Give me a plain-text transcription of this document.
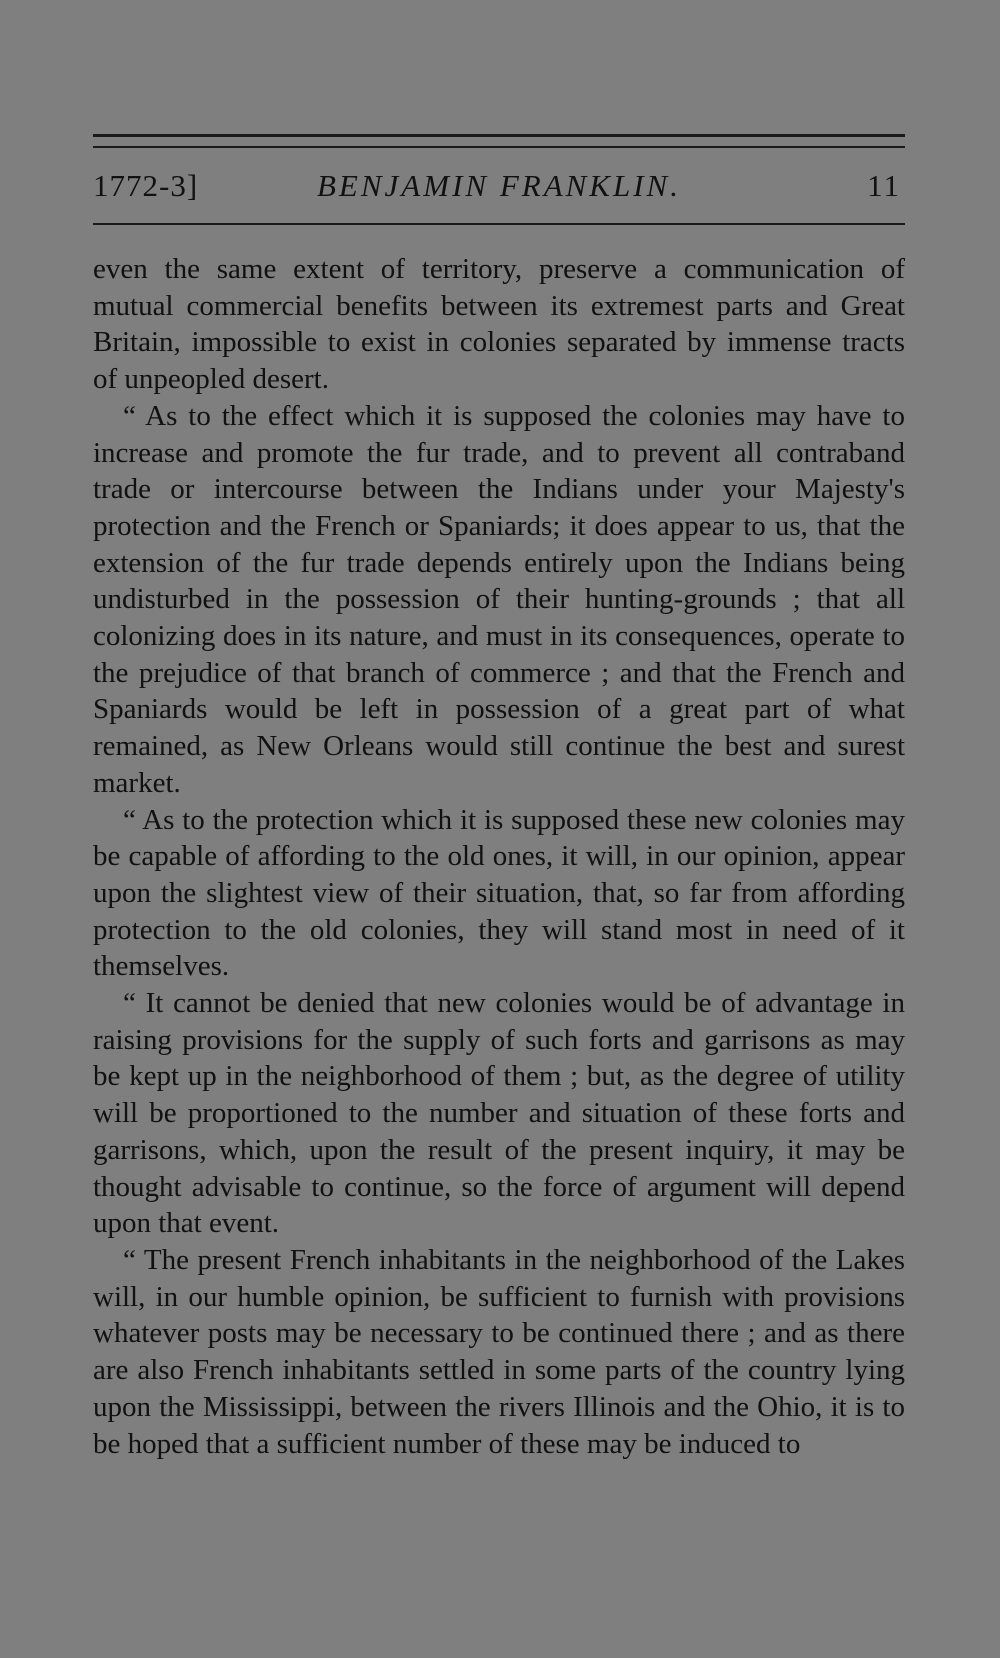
1772-3]	BENJAMIN FRANKLIN.	11

even the same extent of territory, preserve a communication of mutual commercial benefits between its extremest parts and Great Britain, impossible to exist in colonies separated by immense tracts of unpeopled desert.

“ As to the effect which it is supposed the colonies may have to increase and promote the fur trade, and to prevent all contraband trade or intercourse between the Indians under your Majesty's protection and the French or Spaniards; it does appear to us, that the extension of the fur trade depends entirely upon the Indians being undisturbed in the possession of their hunting-grounds ; that all colonizing does in its nature, and must in its consequences, operate to the prejudice of that branch of commerce ; and that the French and Spaniards would be left in possession of a great part of what remained, as New Orleans would still continue the best and surest market.

“ As to the protection which it is supposed these new colonies may be capable of affording to the old ones, it will, in our opinion, appear upon the slightest view of their situation, that, so far from affording protection to the old colonies, they will stand most in need of it themselves.

“ It cannot be denied that new colonies would be of advantage in raising provisions for the supply of such forts and garrisons as may be kept up in the neighborhood of them ; but, as the degree of utility will be proportioned to the number and situation of these forts and garrisons, which, upon the result of the present inquiry, it may be thought advisable to continue, so the force of argument will depend upon that event.

“ The present French inhabitants in the neighborhood of the Lakes will, in our humble opinion, be sufficient to furnish with provisions whatever posts may be necessary to be continued there ; and as there are also French inhabitants settled in some parts of the country lying upon the Mississippi, between the rivers Illinois and the Ohio, it is to be hoped that a sufficient number of these may be induced to
